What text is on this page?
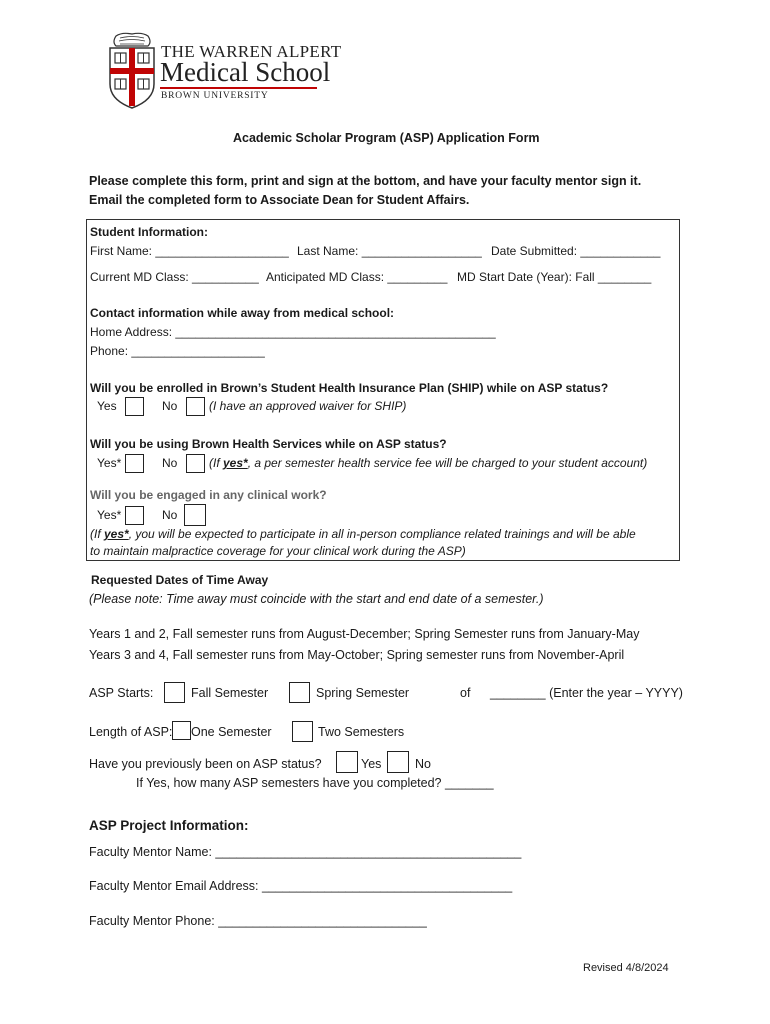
THE WARREN ALPERT
Medical School
BROWN UNIVERSITY
Academic Scholar Program (ASP) Application Form
Please complete this form, print and sign at the bottom, and have your faculty mentor sign it.
Email the completed form to Associate Dean for Student Affairs.
Student Information:
First Name: ____________________ Last Name: __________________ Date Submitted: ____________
Current MD Class: __________ Anticipated MD Class: _________ MD Start Date (Year): Fall ________
Contact information while away from medical school:
Home Address: ________________________________________________
Phone: ____________________
Will you be enrolled in Brown’s Student Health Insurance Plan (SHIP) while on ASP status?
Yes	No	(I have an approved waiver for SHIP)
Will you be using Brown Health Services while on ASP status?
Yes*	No	(If yes*, a per semester health service fee will be charged to your student account)
Will you be engaged in any clinical work?
Yes*	No
(If yes*, you will be expected to participate in all in-person compliance related trainings and will be able
to maintain malpractice coverage for your clinical work during the ASP)
Requested Dates of Time Away
(Please note: Time away must coincide with the start and end date of a semester.)
Years 1 and 2, Fall semester runs from August-December; Spring Semester runs from January-May
Years 3 and 4, Fall semester runs from May-October; Spring semester runs from November-April
ASP Starts:	Fall Semester	Spring Semester	of ________ (Enter the year – YYYY)
Length of ASP: One Semester	Two Semesters
Have you previously been on ASP status?	Yes	No
If Yes, how many ASP semesters have you completed? _______
ASP Project Information:
Faculty Mentor Name: ____________________________________________
Faculty Mentor Email Address: ____________________________________
Faculty Mentor Phone: ______________________________
Revised 4/8/2024
